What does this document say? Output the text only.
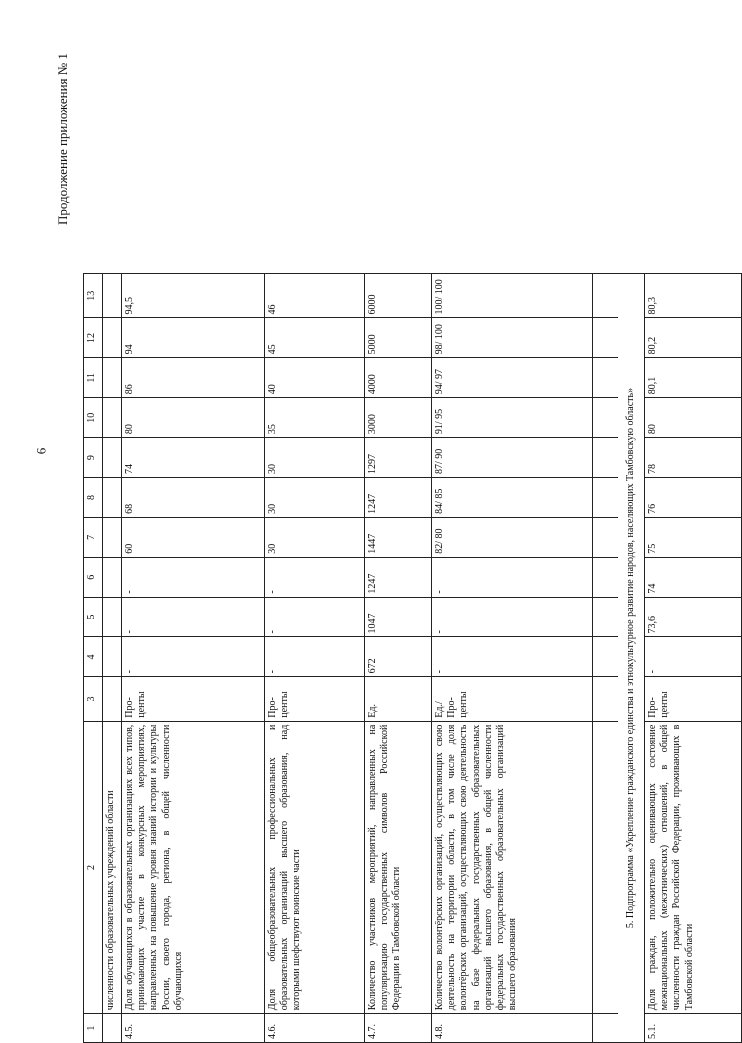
6
Продолжение приложения № 1
1	2	3	4	5	6	7	8	9	10	11	12	13
	численности образовательных учреждений области											
4.5.	Доля обучающихся в образовательных организациях всех типов, принимающих участие в конкурсных мероприятиях, направленных на повышение уровня знаний истории и культуры России, своего города, региона, в общей численности обучающихся	Про- центы	-	-	-	60	68	74	80	86	94	94,5
4.6.	Доля общеобразовательных профессиональных и образовательных организаций высшего образования, над которыми шефствуют воинские части	Про- центы	-	-	-	30	30	30	35	40	45	46
4.7.	Количество участников мероприятий, направленных на популяризацию государственных символов Российской Федерации в Тамбовской области	Ед.	672	1047	1247	1447	1247	1297	3000	4000	5000	6000
4.8.	Количество волонтёрских организаций, осуществляющих свою деятельность на территории области, в том числе доля волонтёрских организаций, осуществляющих свою деятельность на базе федеральных государственных образовательных организаций высшего образования, в общей численности федеральных государственных образовательных организаций высшего образования	Ед./ Про- центы	-	-	-	82/ 80	84/ 85	87/ 90	91/ 95	94/ 97	98/ 100	100/ 100

5. Подпрограмма «Укрепление гражданского единства и этнокультурное развитие народов, населяющих Тамбовскую область»												
5.1.	Доля граждан, положительно оценивающих состояние межнациональных (межэтнических) отношений, в общей численности граждан Российской Федерации, проживающих в Тамбовской области	Про- центы	-	73,6	74	75	76	78	80	80,1	80,2	80,3
